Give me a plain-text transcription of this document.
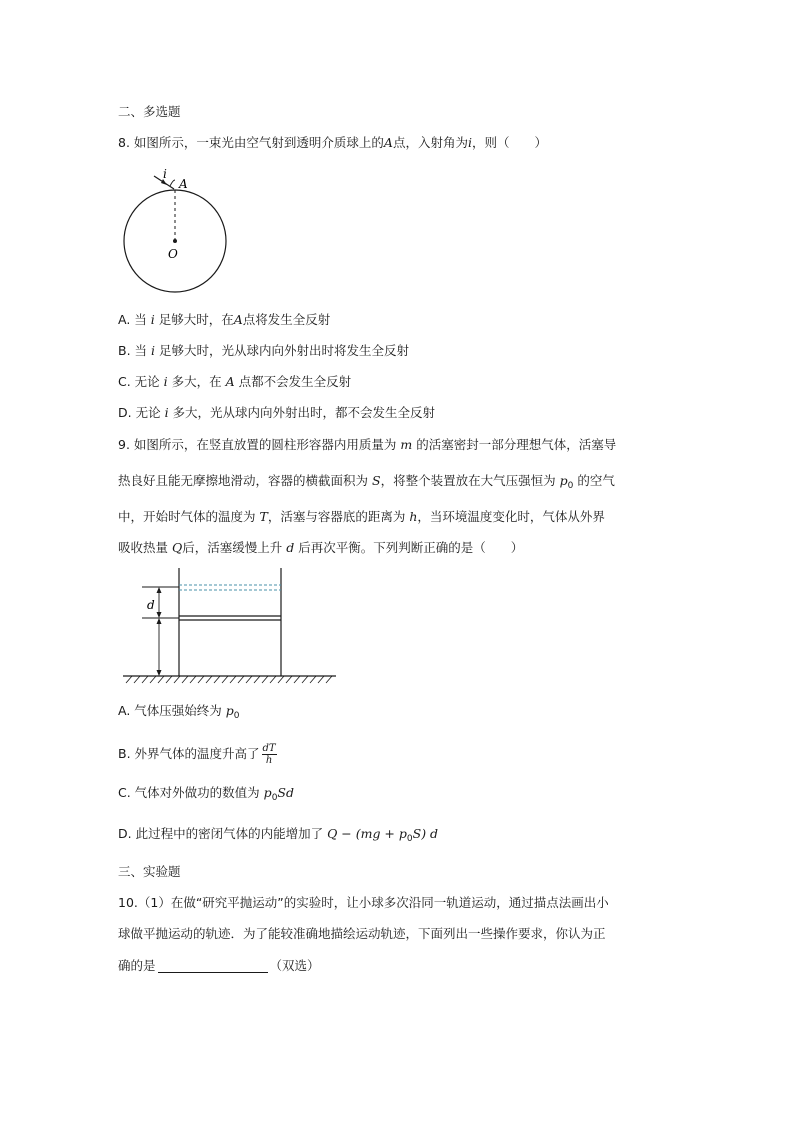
二、多选题
8. 如图所示，一束光由空气射到透明介质球上的A点，入射角为i，则（　　）
i
A
O
A. 当 i 足够大时，在A点将发生全反射
B. 当 i 足够大时，光从球内向外射出时将发生全反射
C. 无论 i 多大，在 A 点都不会发生全反射
D. 无论 i 多大，光从球内向外射出时，都不会发生全反射
9. 如图所示，在竖直放置的圆柱形容器内用质量为 m 的活塞密封一部分理想气体，活塞导
热良好且能无摩擦地滑动，容器的横截面积为 S，将整个装置放在大气压强恒为 $p_0$ 的空气
中，开始时气体的温度为 T，活塞与容器底的距离为 h，当环境温度变化时，气体从外界
吸收热量 Q后，活塞缓慢上升 d 后再次平衡。下列判断正确的是（　　）
d
A. 气体压强始终为 $p_0$
B. 外界气体的温度升高了 $\frac{dT}{h}$
C. 气体对外做功的数值为 $p_0Sd$
D. 此过程中的密闭气体的内能增加了 $Q - (mg + p_0S)$ d
三、实验题
10.（1）在做“研究平抛运动”的实验时，让小球多次沿同一轨道运动，通过描点法画出小
球做平抛运动的轨迹．为了能较准确地描绘运动轨迹，下面列出一些操作要求，你认为正
确的是	（双选）
